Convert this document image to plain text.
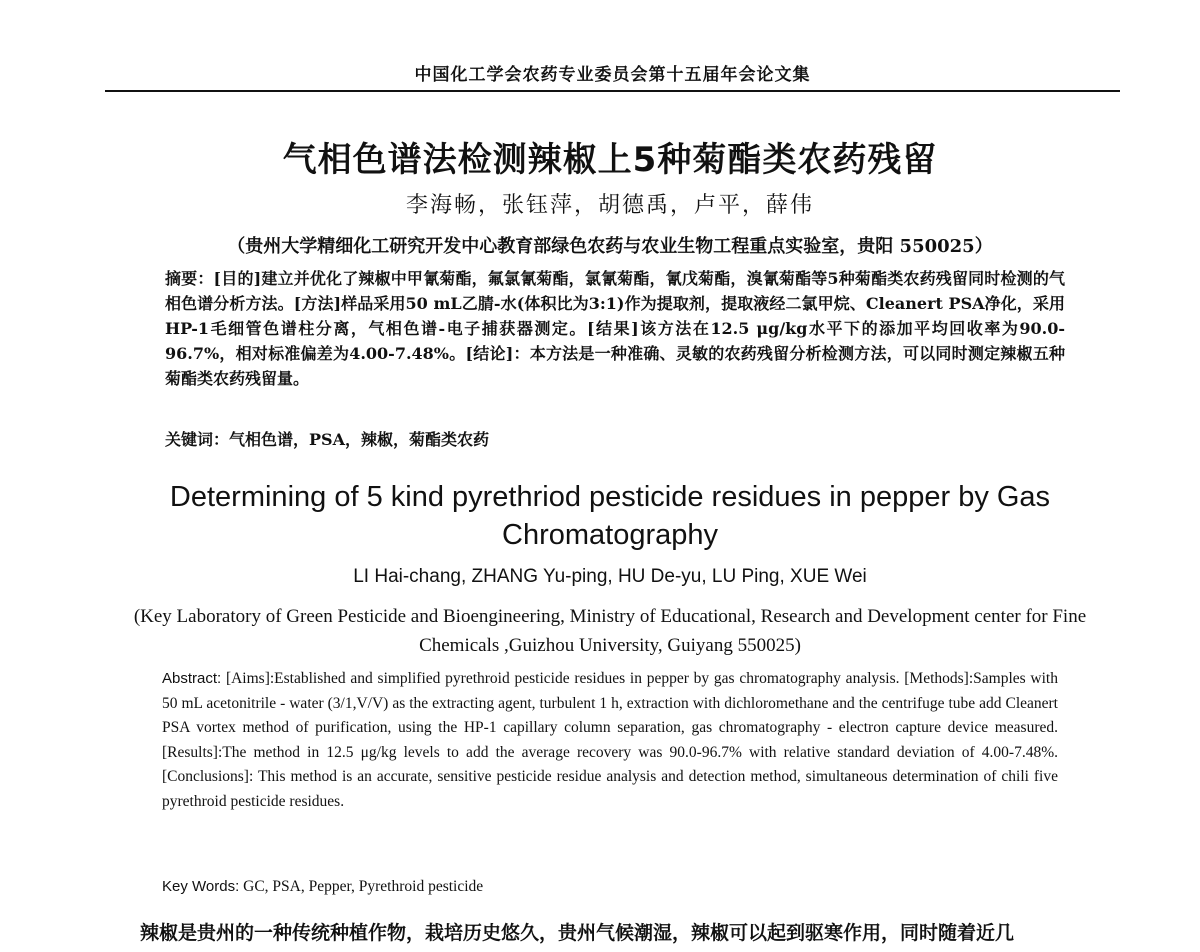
中国化工学会农药专业委员会第十五届年会论文集
气相色谱法检测辣椒上5种菊酯类农药残留
李海畅，张钰萍，胡德禹，卢平，薛伟
（贵州大学精细化工研究开发中心教育部绿色农药与农业生物工程重点实验室，贵阳 550025）
摘要：[目的]建立并优化了辣椒中甲氰菊酯，氟氯氰菊酯，氯氰菊酯，氰戊菊酯，溴氰菊酯等5种菊酯类农药残留同时检测的气相色谱分析方法。[方法]样品采用50 mL乙腈-水(体积比为3:1)作为提取剂，提取液经二氯甲烷、Cleanert PSA净化，采用HP-1毛细管色谱柱分离，气相色谱-电子捕获器测定。[结果]该方法在12.5 μg/kg水平下的添加平均回收率为90.0-96.7%，相对标准偏差为4.00-7.48%。[结论]：本方法是一种准确、灵敏的农药残留分析检测方法，可以同时测定辣椒五种菊酯类农药残留量。
关键词：气相色谱，PSA，辣椒，菊酯类农药
Determining of 5 kind pyrethriod pesticide residues in pepper by Gas Chromatography
LI Hai-chang, ZHANG Yu-ping, HU De-yu, LU Ping, XUE Wei
(Key Laboratory of Green Pesticide and Bioengineering, Ministry of Educational, Research and Development center for Fine Chemicals ,Guizhou University, Guiyang 550025)
Abstract: [Aims]:Established and simplified pyrethroid pesticide residues in pepper by gas chromatography analysis. [Methods]:Samples with 50 mL acetonitrile - water (3/1,V/V) as the extracting agent, turbulent 1 h, extraction with dichloromethane and the centrifuge tube add Cleanert PSA vortex method of purification, using the HP-1 capillary column separation, gas chromatography - electron capture device measured. [Results]:The method in 12.5 μg/kg levels to add the average recovery was 90.0-96.7% with relative standard deviation of 4.00-7.48%.[Conclusions]: This method is an accurate, sensitive pesticide residue analysis and detection method, simultaneous determination of chili five pyrethroid pesticide residues.
Key Words: GC, PSA, Pepper, Pyrethroid pesticide
辣椒是贵州的一种传统种植作物，栽培历史悠久，贵州气候潮湿，辣椒可以起到驱寒作用，同时随着近几
